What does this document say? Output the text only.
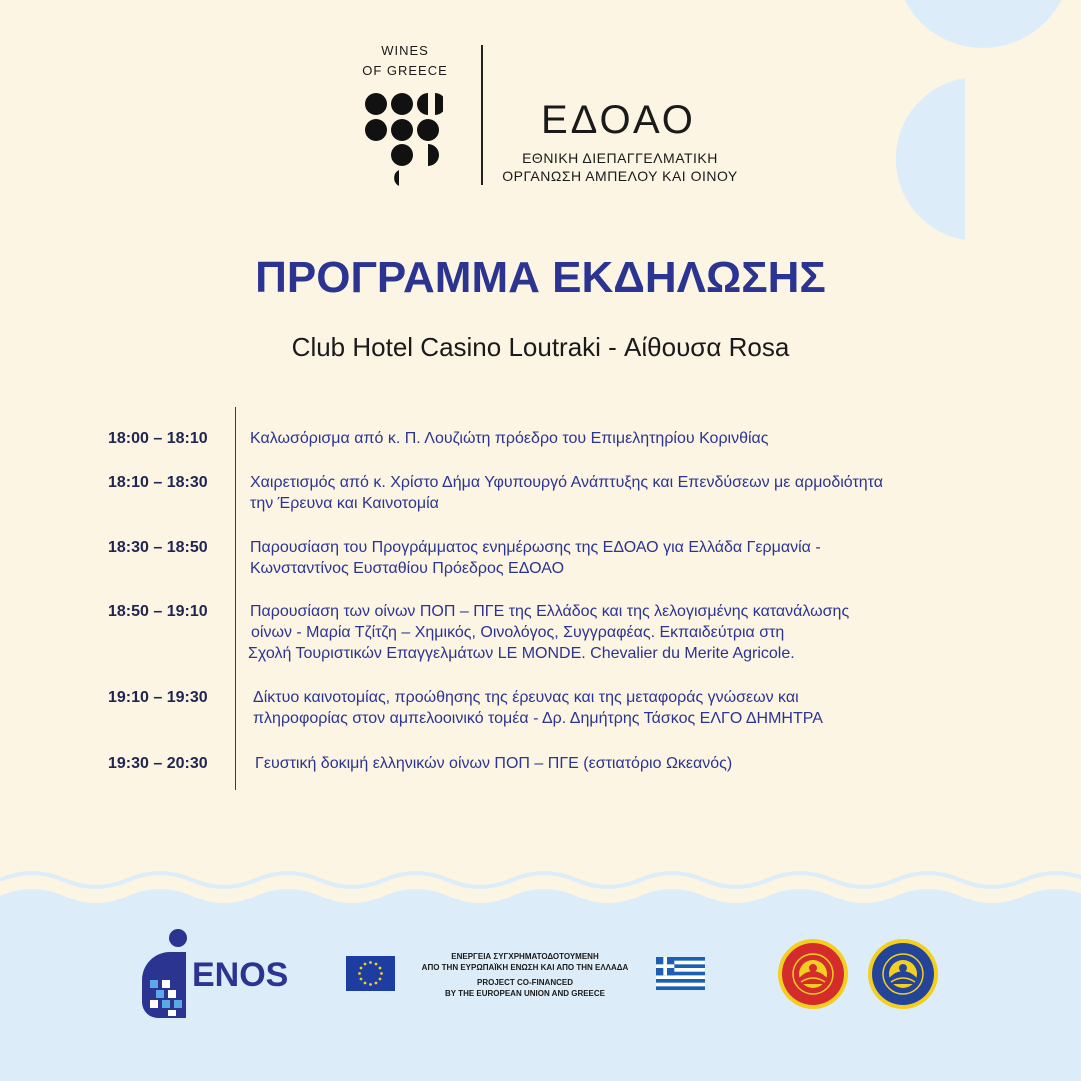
WINES
OF GREECE
ΕΔΟΑΟ
ΕΘΝΙΚΗ ΔΙΕΠΑΓΓΕΛΜΑΤΙΚΗ
ΟΡΓΑΝΩΣΗ ΑΜΠΕΛΟΥ ΚΑΙ ΟΙΝΟΥ
ΠΡΟΓΡΑΜΜΑ ΕΚΔΗΛΩΣΗΣ
Club Hotel Casino Loutraki - Αίθουσα Rosa
18:00 – 18:10	Καλωσόρισμα από κ. Π. Λουζιώτη πρόεδρο του Επιμελητηρίου Κορινθίας
18:10 – 18:30	Χαιρετισμός από κ. Χρίστο Δήμα Υφυπουργό Ανάπτυξης και Επενδύσεων με αρμοδιότητα
την Έρευνα και Καινοτομία
18:30 – 18:50	Παρουσίαση του Προγράμματος ενημέρωσης της ΕΔΟΑΟ για Ελλάδα Γερμανία -
Κωνσταντίνος Ευσταθίου Πρόεδρος ΕΔΟΑΟ
18:50 – 19:10	Παρουσίαση των οίνων ΠΟΠ – ΠΓΕ της Ελλάδος και της λελογισμένης κατανάλωσης
οίνων - Μαρία Τζίτζη – Χημικός, Οινολόγος, Συγγραφέας. Εκπαιδεύτρια στη
Σχολή Τουριστικών Επαγγελμάτων LE MONDE. Chevalier du Merite Agricole.
19:10 – 19:30	Δίκτυο καινοτομίας, προώθησης της έρευνας και της μεταφοράς γνώσεων και
πληροφορίας στον αμπελοοινικό τομέα - Δρ. Δημήτρης Τάσκος ΕΛΓΟ ΔΗΜΗΤΡΑ
19:30 – 20:30	Γευστική δοκιμή ελληνικών οίνων ΠΟΠ – ΠΓΕ (εστιατόριο Ωκεανός)
ENOS	ΕΝΕΡΓΕΙΑ ΣΥΓΧΡΗΜΑΤΟΔΟΤΟΥΜΕΝΗ
ΑΠΟ ΤΗΝ ΕΥΡΩΠΑΪΚΗ ΕΝΩΣΗ ΚΑΙ ΑΠΟ ΤΗΝ ΕΛΛΑΔΑ
PROJECT CO-FINANCED
BY THE EUROPEAN UNION AND GREECE
